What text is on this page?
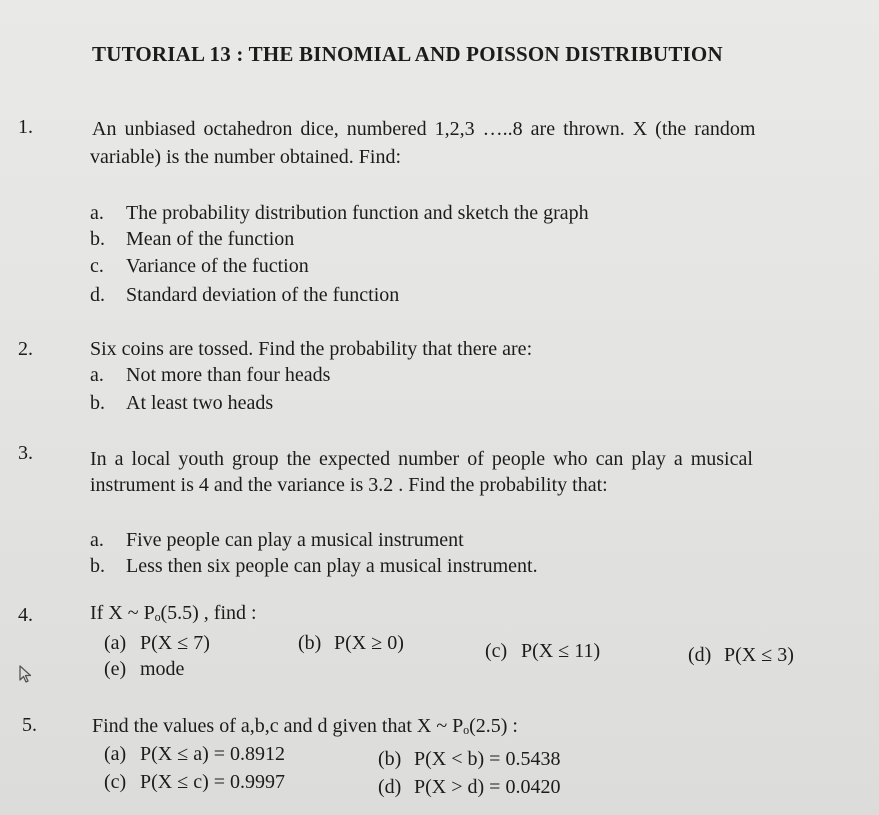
TUTORIAL 13 : THE BINOMIAL AND POISSON DISTRIBUTION
1.	An unbiased octahedron dice, numbered 1,2,3 …..8 are thrown. X (the random
variable) is the number obtained. Find:
a. The probability distribution function and sketch the graph
b. Mean of the function
c. Variance of the fuction
d. Standard deviation of the function
2.	Six coins are tossed. Find the probability that there are:
a. Not more than four heads
b. At least two heads
3.	In a local youth group the expected number of people who can play a musical
instrument is 4 and the variance is 3.2 . Find the probability that:
a. Five people can play a musical instrument
b. Less then six people can play a musical instrument.
4.	If X ~ Pₒ(5.5) , find :
(a) P(X ≤ 7)	(b) P(X ≥ 0)	(c) P(X ≤ 11)	(d) P(X ≤ 3)
(e) mode
5.	Find the values of a,b,c and d given that X ~ Pₒ(2.5) :
(a) P(X ≤ a) = 0.8912	(b) P(X < b) = 0.5438
(c) P(X ≤ c) = 0.9997	(d) P(X > d) = 0.0420
